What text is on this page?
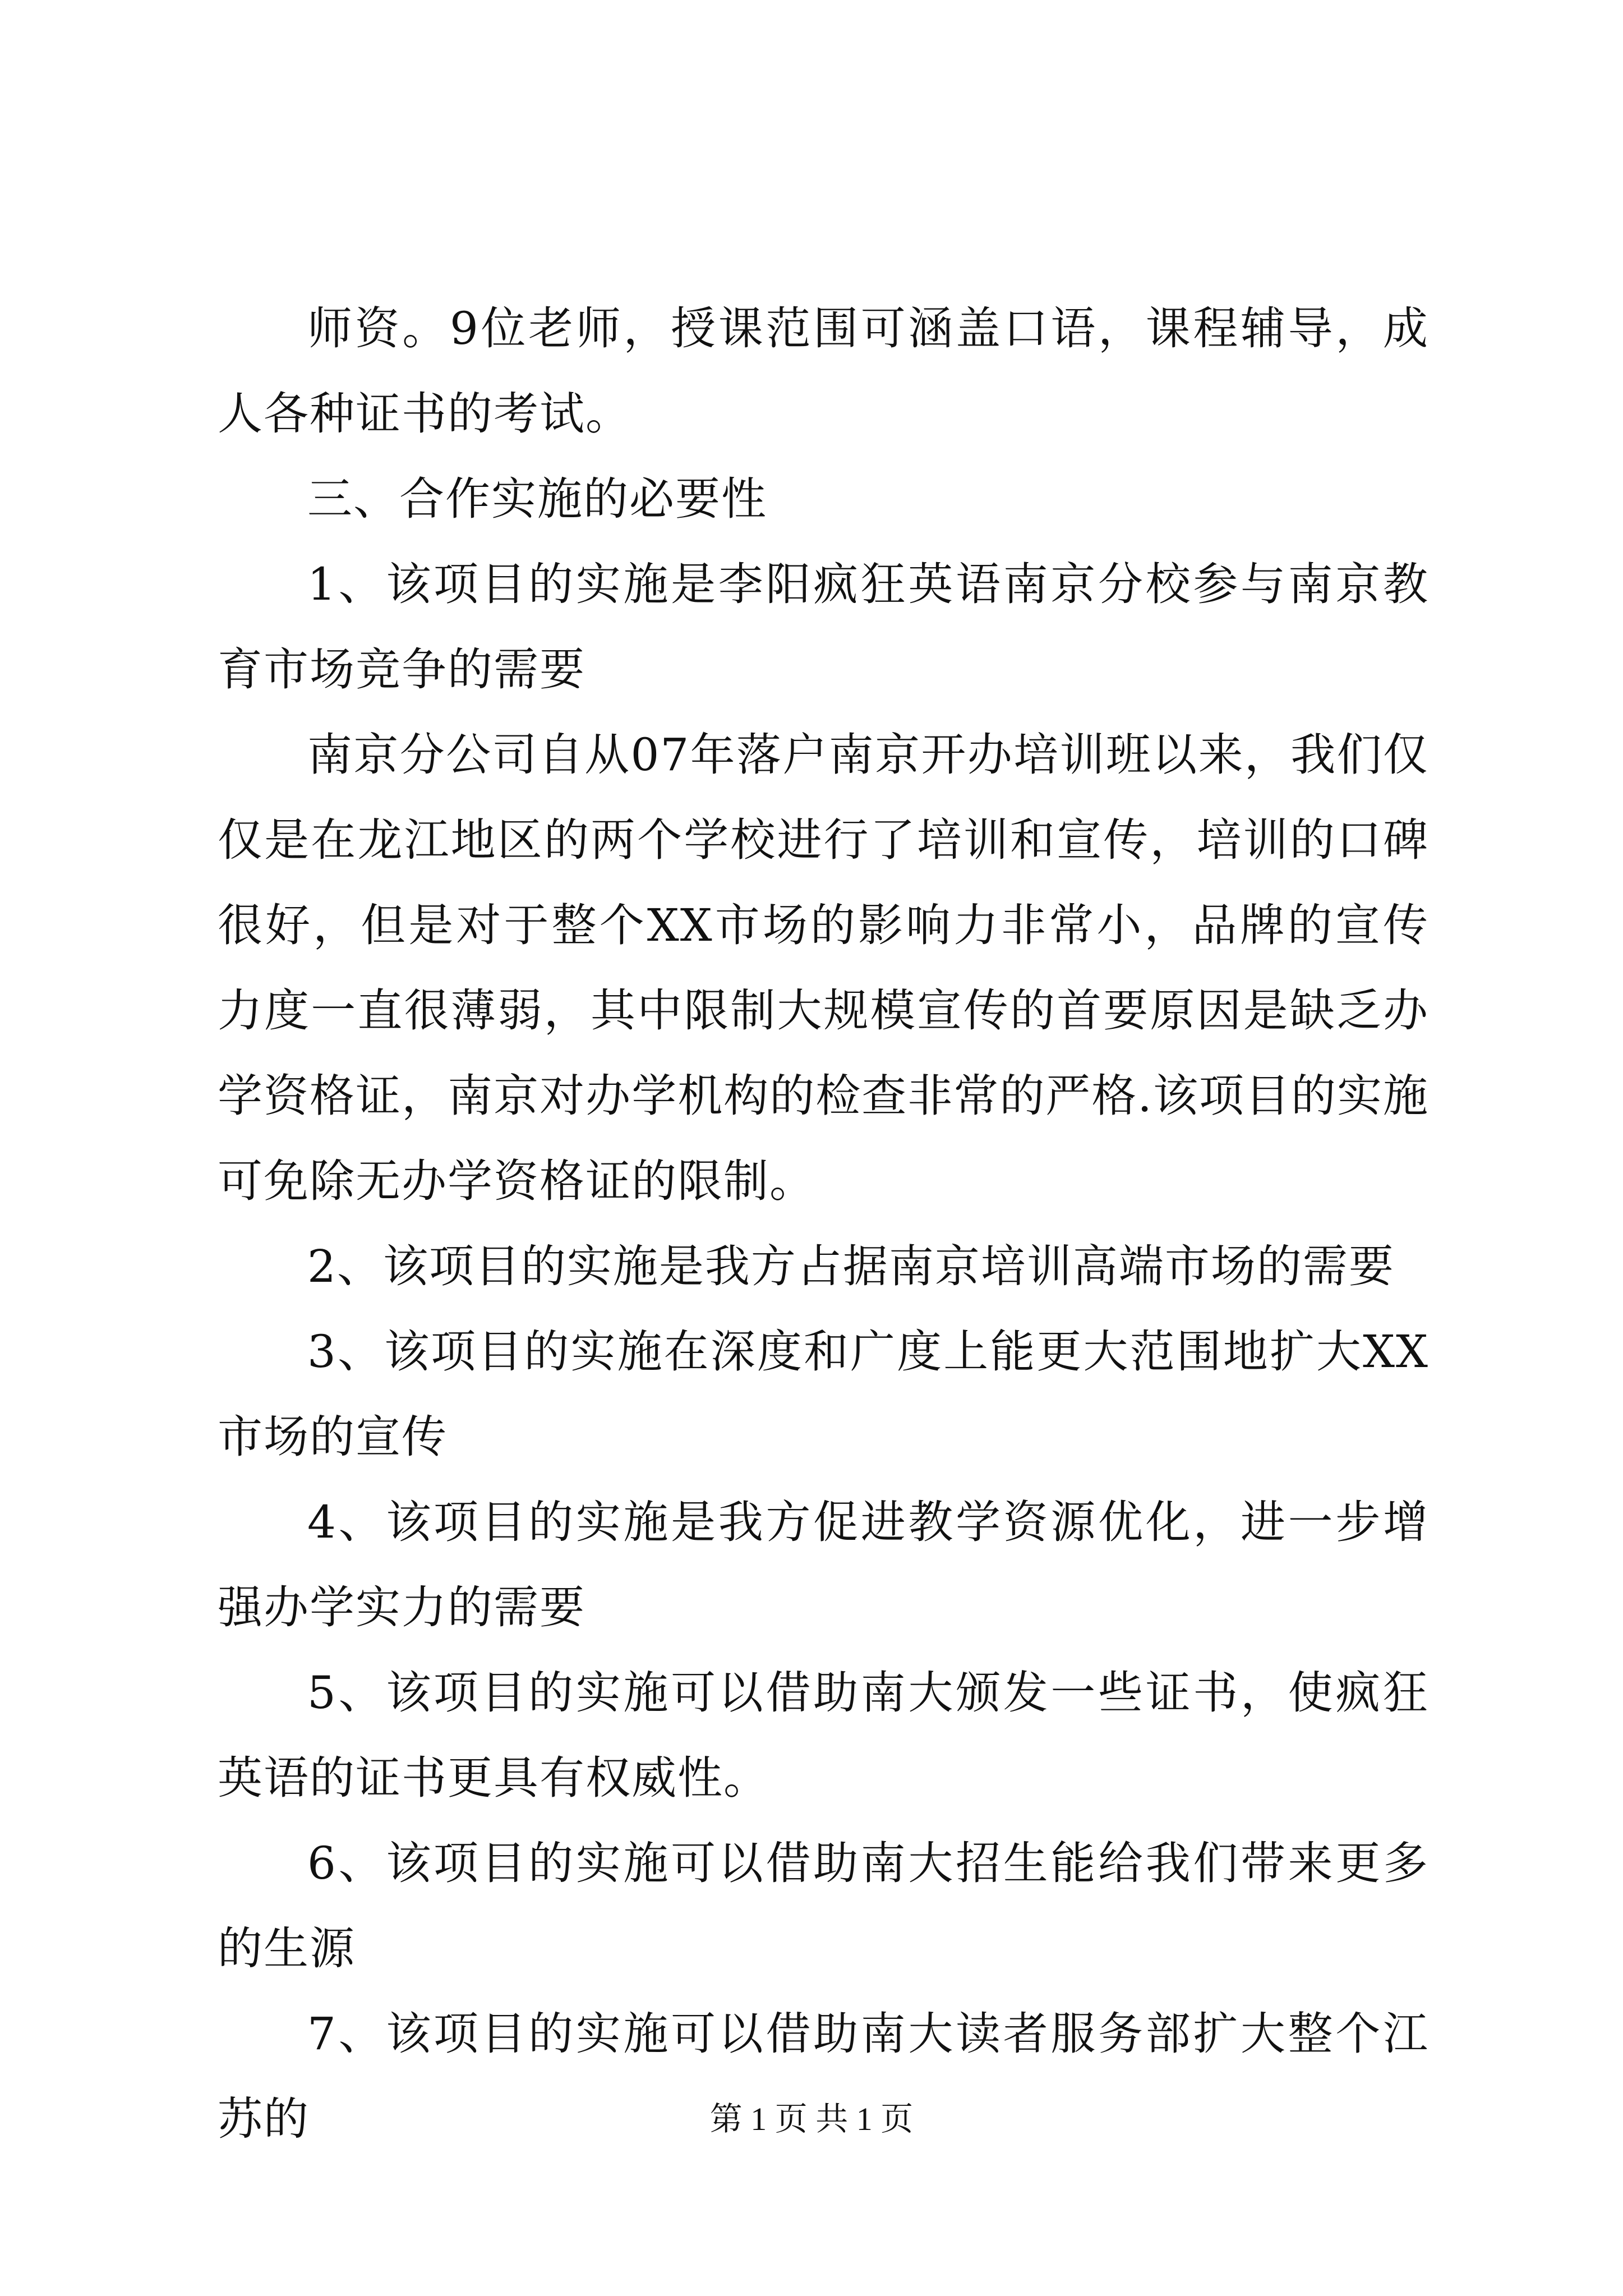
师资。9位老师，授课范围可涵盖口语，课程辅导，成人各种证书的考试。

三、合作实施的必要性

1、该项目的实施是李阳疯狂英语南京分校参与南京教育市场竞争的需要

南京分公司自从07年落户南京开办培训班以来，我们仅仅是在龙江地区的两个学校进行了培训和宣传，培训的口碑很好，但是对于整个XX市场的影响力非常小，品牌的宣传力度一直很薄弱，其中限制大规模宣传的首要原因是缺乏办学资格证，南京对办学机构的检查非常的严格.该项目的实施可免除无办学资格证的限制。

2、该项目的实施是我方占据南京培训高端市场的需要

3、该项目的实施在深度和广度上能更大范围地扩大XX市场的宣传

4、该项目的实施是我方促进教学资源优化，进一步增强办学实力的需要

5、该项目的实施可以借助南大颁发一些证书，使疯狂英语的证书更具有权威性。

6、该项目的实施可以借助南大招生能给我们带来更多的生源

7、该项目的实施可以借助南大读者服务部扩大整个江苏的	第 1 页 共 1 页
